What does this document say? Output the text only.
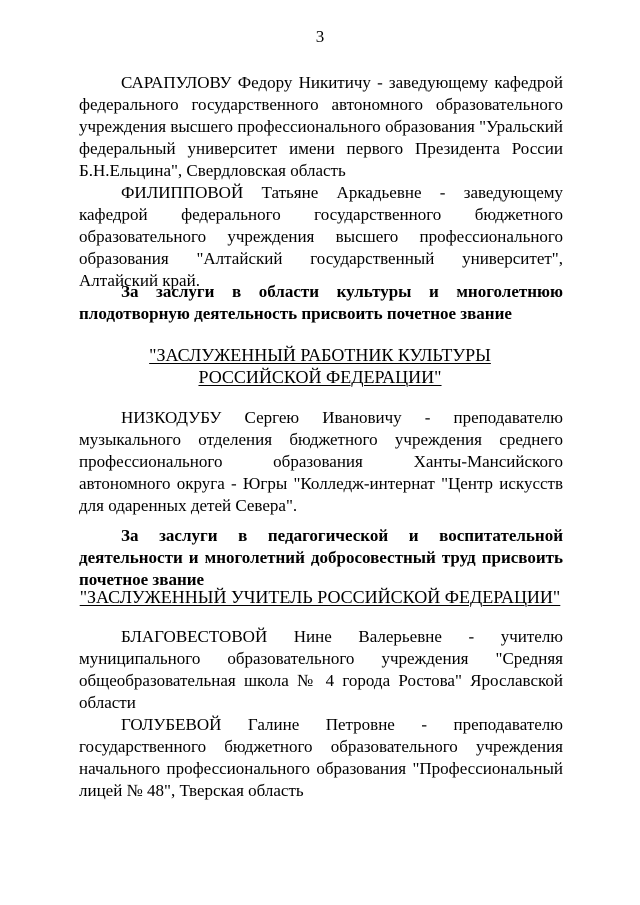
3

САРАПУЛОВУ Федору Никитичу - заведующему кафедрой федерального государственного автономного образовательного учреждения высшего профессионального образования "Уральский федеральный университет имени первого Президента России Б.Н.Ельцина", Свердловская область

ФИЛИППОВОЙ Татьяне Аркадьевне - заведующему кафедрой федерального государственного бюджетного образовательного учреждения высшего профессионального образования "Алтайский государственный университет", Алтайский край.

За заслуги в области культуры и многолетнюю плодотворную деятельность присвоить почетное звание

"ЗАСЛУЖЕННЫЙ РАБОТНИК КУЛЬТУРЫ
РОССИЙСКОЙ ФЕДЕРАЦИИ"

НИЗКОДУБУ Сергею Ивановичу - преподавателю музыкального отделения бюджетного учреждения среднего профессионального образования Ханты-Мансийского автономного округа - Югры "Колледж-интернат "Центр искусств для одаренных детей Севера".

За заслуги в педагогической и воспитательной деятельности и многолетний добросовестный труд присвоить почетное звание

"ЗАСЛУЖЕННЫЙ УЧИТЕЛЬ РОССИЙСКОЙ ФЕДЕРАЦИИ"

БЛАГОВЕСТОВОЙ Нине Валерьевне - учителю муниципального образовательного учреждения "Средняя общеобразовательная школа № 4 города Ростова" Ярославской области

ГОЛУБЕВОЙ Галине Петровне - преподавателю государственного бюджетного образовательного учреждения начального профессионального образования "Профессиональный лицей № 48", Тверская область
